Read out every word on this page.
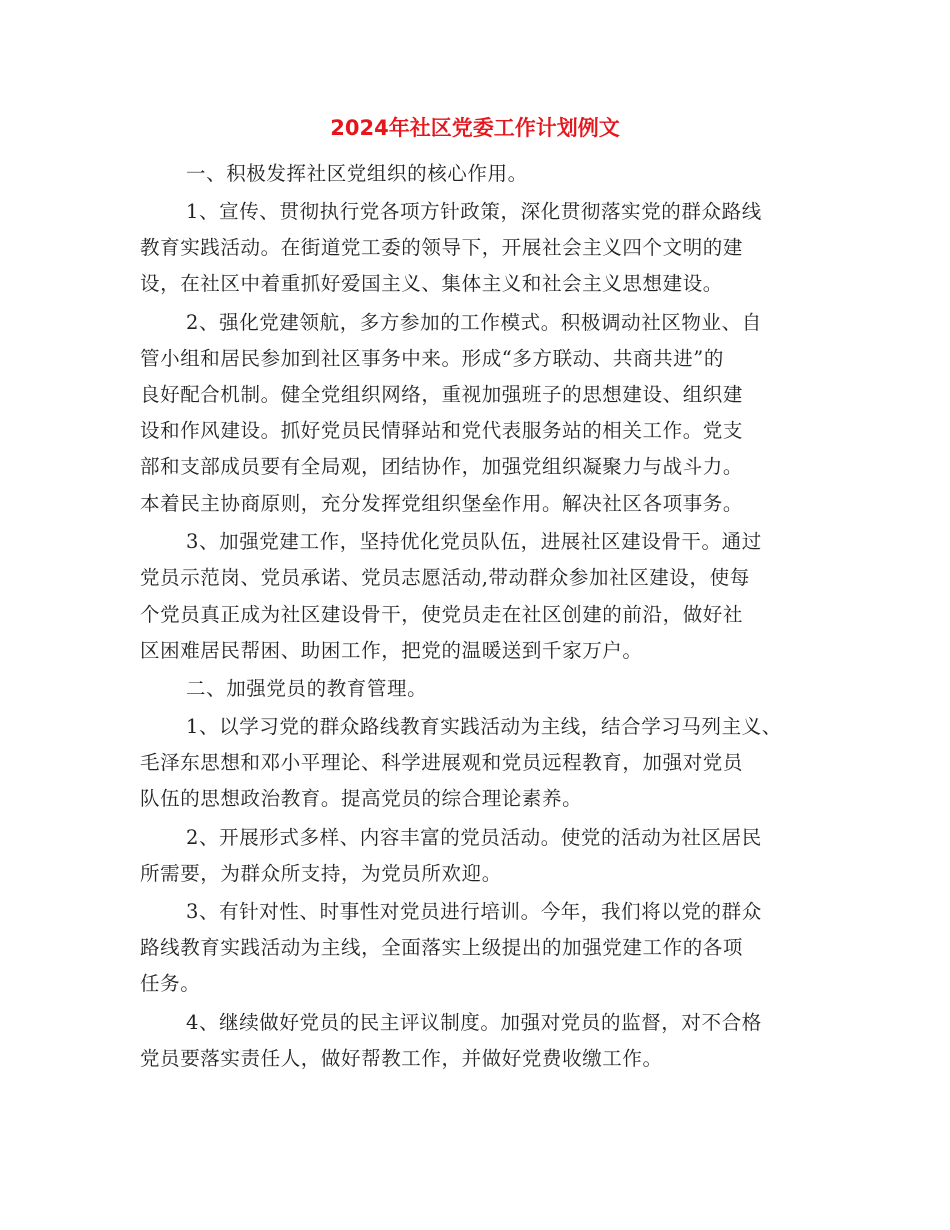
2024年社区党委工作计划例文

一、积极发挥社区党组织的核心作用。

1、宣传、贯彻执行党各项方针政策，深化贯彻落实党的群众路线

教育实践活动。在街道党工委的领导下，开展社会主义四个文明的建

设，在社区中着重抓好爱国主义、集体主义和社会主义思想建设。

2、强化党建领航，多方参加的工作模式。积极调动社区物业、自

管小组和居民参加到社区事务中来。形成“多方联动、共商共进”的

良好配合机制。健全党组织网络，重视加强班子的思想建设、组织建

设和作风建设。抓好党员民情驿站和党代表服务站的相关工作。党支

部和支部成员要有全局观，团结协作，加强党组织凝聚力与战斗力。

本着民主协商原则，充分发挥党组织堡垒作用。解决社区各项事务。

3、加强党建工作，坚持优化党员队伍，进展社区建设骨干。通过

党员示范岗、党员承诺、党员志愿活动,带动群众参加社区建设，使每

个党员真正成为社区建设骨干，使党员走在社区创建的前沿，做好社

区困难居民帮困、助困工作，把党的温暖送到千家万户。

二、加强党员的教育管理。

1、以学习党的群众路线教育实践活动为主线，结合学习马列主义、

毛泽东思想和邓小平理论、科学进展观和党员远程教育，加强对党员

队伍的思想政治教育。提高党员的综合理论素养。

2、开展形式多样、内容丰富的党员活动。使党的活动为社区居民

所需要，为群众所支持，为党员所欢迎。

3、有针对性、时事性对党员进行培训。今年，我们将以党的群众

路线教育实践活动为主线，全面落实上级提出的加强党建工作的各项

任务。

4、继续做好党员的民主评议制度。加强对党员的监督，对不合格

党员要落实责任人，做好帮教工作，并做好党费收缴工作。
